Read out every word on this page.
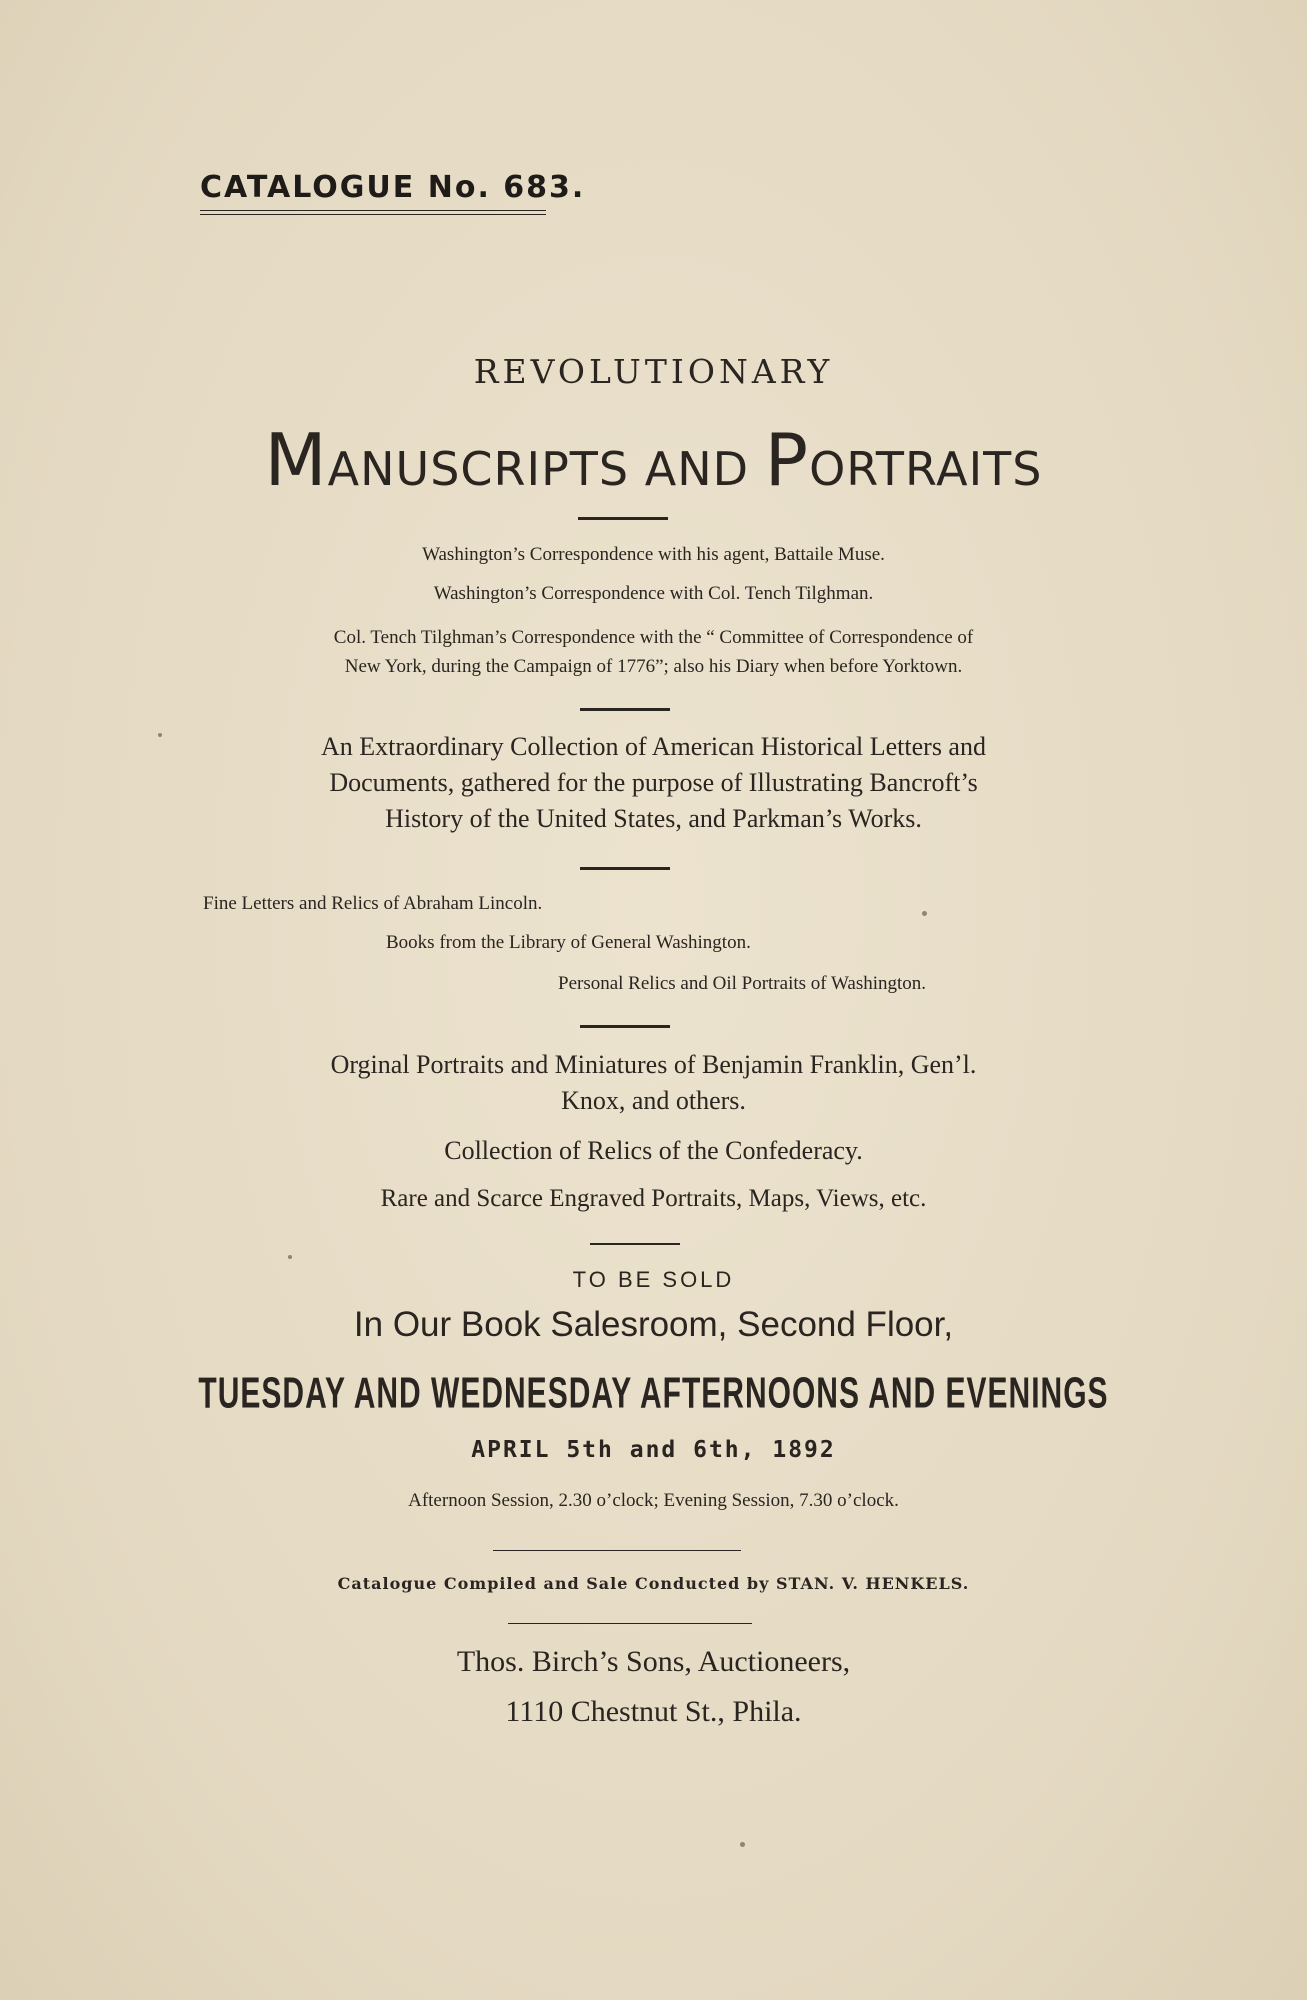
CATALOGUE No. 683.
REVOLUTIONARY
MANUSCRIPTS AND PORTRAITS
Washington’s Correspondence with his agent, Battaile Muse.
Washington’s Correspondence with Col. Tench Tilghman.
Col. Tench Tilghman’s Correspondence with the “ Committee of Correspondence of
New York, during the Campaign of 1776”; also his Diary when before Yorktown.
An Extraordinary Collection of American Historical Letters and
Documents, gathered for the purpose of Illustrating Bancroft’s
History of the United States, and Parkman’s Works.
Fine Letters and Relics of Abraham Lincoln.
Books from the Library of General Washington.
Personal Relics and Oil Portraits of Washington.
Orginal Portraits and Miniatures of Benjamin Franklin, Gen’l.
Knox, and others.
Collection of Relics of the Confederacy.
Rare and Scarce Engraved Portraits, Maps, Views, etc.
TO BE SOLD
In Our Book Salesroom, Second Floor,
TUESDAY AND WEDNESDAY AFTERNOONS AND EVENINGS
APRIL 5th and 6th, 1892
Afternoon Session, 2.30 o’clock; Evening Session, 7.30 o’clock.
Catalogue Compiled and Sale Conducted by STAN. V. HENKELS.
Thos. Birch’s Sons, Auctioneers,
1110 Chestnut St., Phila.
